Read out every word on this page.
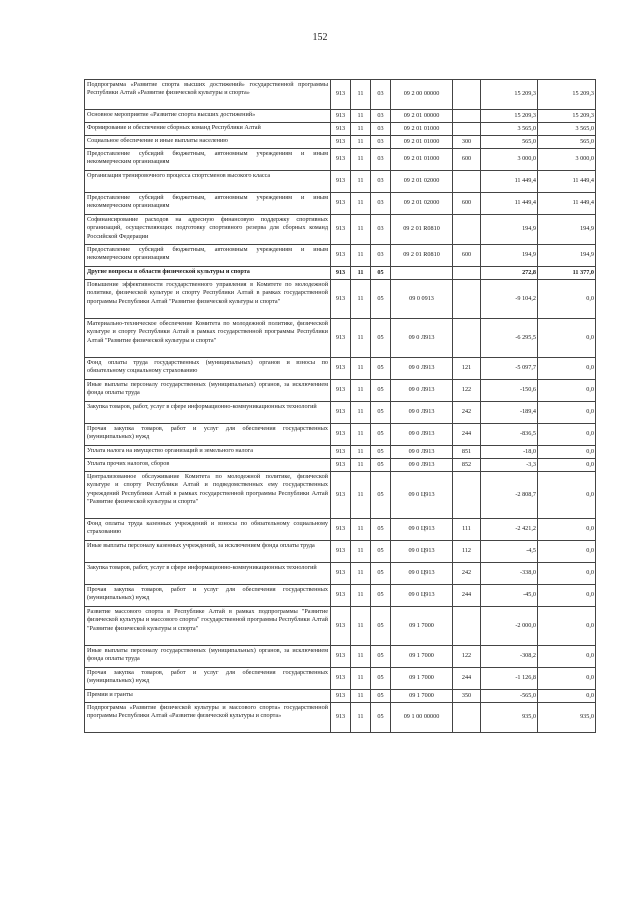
152
Подпрограмма «Развитие спорта высших достижений» государственной программы Республики Алтай «Развитие физической культуры и спорта»	913	11	03	09 2 00 00000		15 209,3	15 209,3
Основное мероприятие «Развитие спорта высших достижений»	913	11	03	09 2 01 00000		15 209,3	15 209,3
Формирование и обеспечение сборных команд Республики Алтай	913	11	03	09 2 01 01000		3 565,0	3 565,0
Социальное обеспечение и иные выплаты населению	913	11	03	09 2 01 01000	300	565,0	565,0
Предоставление субсидий бюджетным, автономным учреждениям и иным некоммерческим организациям	913	11	03	09 2 01 01000	600	3 000,0	3 000,0
Организация тренировочного процесса спортсменов высокого класса	913	11	03	09 2 01 02000		11 449,4	11 449,4
Предоставление субсидий бюджетным, автономным учреждениям и иным некоммерческим организациям	913	11	03	09 2 01 02000	600	11 449,4	11 449,4
Софинансирование расходов на адресную финансовую поддержку спортивных организаций, осуществляющих подготовку спортивного резерва для сборных команд Российской Федерации	913	11	03	09 2 01 R0810		194,9	194,9
Предоставление субсидий бюджетным, автономным учреждениям и иным некоммерческим организациям	913	11	03	09 2 01 R0810	600	194,9	194,9
Другие вопросы в области физической культуры и спорта	913	11	05			272,8	11 377,0
Повышение эффективности государственного управления в Комитете по молодежной политике, физической культуре и спорту Республики Алтай в рамках государственной программы Республики Алтай "Развитие физической культуры и спорта"	913	11	05	09 0 0913		-9 104,2	0,0
Материально-техническое обеспечение Комитета по молодежной политике, физической культуре и спорту Республики Алтай в рамках государственной программы Республики Алтай "Развитие физической культуры и спорта"	913	11	05	09 0 Л913		-6 295,5	0,0
Фонд оплаты труда государственных (муниципальных) органов и взносы по обязательному социальному страхованию	913	11	05	09 0 Л913	121	-5 097,7	0,0
Иные выплаты персоналу государственных (муниципальных) органов, за исключением фонда оплаты труда	913	11	05	09 0 Л913	122	-150,6	0,0
Закупка товаров, работ, услуг в сфере информационно-коммуникационных технологий	913	11	05	09 0 Л913	242	-189,4	0,0
Прочая закупка товаров, работ и услуг для обеспечения государственных (муниципальных) нужд	913	11	05	09 0 Л913	244	-836,5	0,0
Уплата налога на имущество организаций и земельного налога	913	11	05	09 0 Л913	851	-18,0	0,0
Уплата прочих налогов, сборов	913	11	05	09 0 Л913	852	-3,3	0,0
Централизованное обслуживание Комитета по молодежной политике, физической культуре и спорту Республики Алтай и подведомственных ему государственных учреждений Республики Алтай в рамках государственной программы Республики Алтай "Развитие физической культуры и спорта"	913	11	05	09 0 Ц913		-2 808,7	0,0
Фонд оплаты труда казенных учреждений и взносы по обязательному социальному страхованию	913	11	05	09 0 Ц913	111	-2 421,2	0,0
Иные выплаты персоналу казенных учреждений, за исключением фонда оплаты труда	913	11	05	09 0 Ц913	112	-4,5	0,0
Закупка товаров, работ, услуг в сфере информационно-коммуникационных технологий	913	11	05	09 0 Ц913	242	-338,0	0,0
Прочая закупка товаров, работ и услуг для обеспечения государственных (муниципальных) нужд	913	11	05	09 0 Ц913	244	-45,0	0,0
Развитие массового спорта в Республике Алтай в рамках подпрограммы "Развитие физической культуры и массового спорта" государственной программы Республики Алтай "Развитие физической культуры и спорта"	913	11	05	09 1 7000		-2 000,0	0,0
Иные выплаты персоналу государственных (муниципальных) органов, за исключением фонда оплаты труда	913	11	05	09 1 7000	122	-308,2	0,0
Прочая закупка товаров, работ и услуг для обеспечения государственных (муниципальных) нужд	913	11	05	09 1 7000	244	-1 126,8	0,0
Премии и гранты	913	11	05	09 1 7000	350	-565,0	0,0
Подпрограмма «Развитие физической культуры и массового спорта» государственной программы Республики Алтай «Развитие физической культуры и спорта»	913	11	05	09 1 00 00000		935,0	935,0
